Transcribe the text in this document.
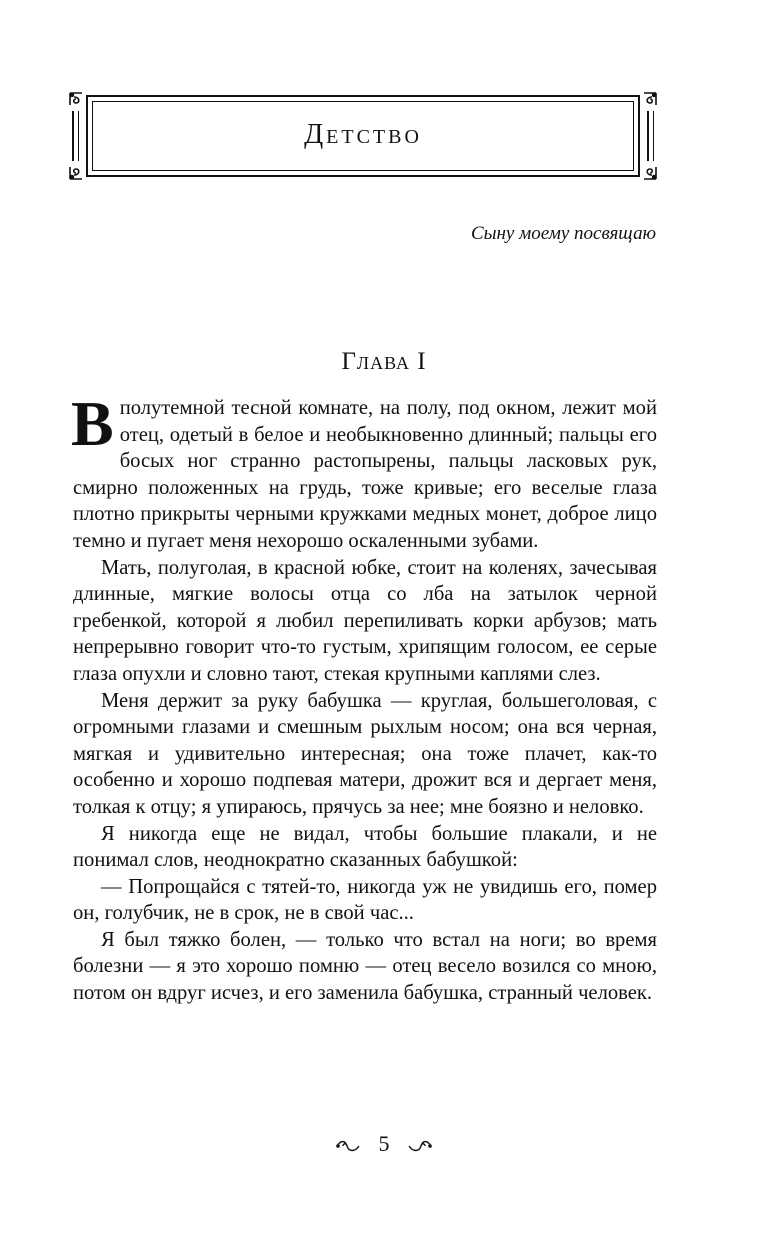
Детство
Сыну моему посвящаю
Глава I

Вполутемной тесной комнате, на полу, под окном, лежит мой отец, одетый в белое и необыкновенно длинный; пальцы его босых ног странно растопырены, пальцы ласковых рук, смирно положенных на грудь, тоже кривые; его веселые глаза плотно прикрыты черными кружками медных монет, доброе лицо темно и пугает меня нехорошо оскаленными зубами.

Мать, полуголая, в красной юбке, стоит на коленях, зачесывая длинные, мягкие волосы отца со лба на затылок черной гребенкой, которой я любил перепиливать корки арбузов; мать непрерывно говорит что-то густым, хрипящим голосом, ее серые глаза опухли и словно тают, стекая крупными каплями слез.

Меня держит за руку бабушка — круглая, большеголовая, с огромными глазами и смешным рыхлым носом; она вся черная, мягкая и удивительно интересная; она тоже плачет, как-то особенно и хорошо подпевая матери, дрожит вся и дергает меня, толкая к отцу; я упираюсь, прячусь за нее; мне боязно и неловко.

Я никогда еще не видал, чтобы большие плакали, и не понимал слов, неоднократно сказанных бабушкой:

— Попрощайся с тятей-то, никогда уж не увидишь его, помер он, голубчик, не в срок, не в свой час...

Я был тяжко болен, — только что встал на ноги; во время болезни — я это хорошо помню — отец весело возился со мною, потом он вдруг исчез, и его заменила бабушка, странный человек.

5
